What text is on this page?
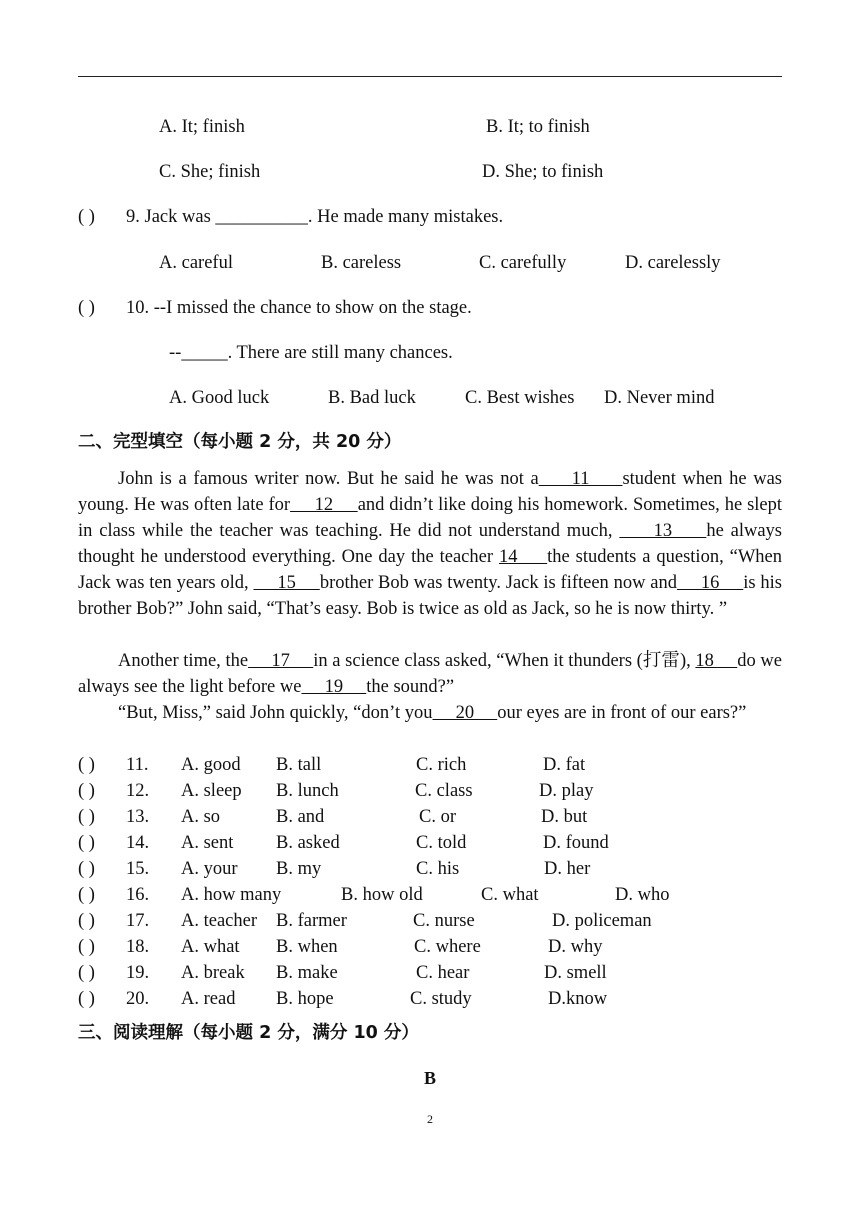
A. It; finish	B. It; to finish
C. She; finish	D. She; to finish
( ) 9. Jack was __________. He made many mistakes.
A. careful	B. careless	C. carefully	D. carelessly
( ) 10. --I missed the chance to show on the stage.
--_____. There are still many chances.
A. Good luck	B. Bad luck	C. Best wishes D. Never mind
二、完型填空（每小题 2 分，共 20 分）
John is a famous writer now. But he said he was not a     11     student when he was young. He was often late for     12     and didn’t like doing his homework. Sometimes, he slept in class while the teacher was teaching. He did not understand much,      13     he always thought he understood everything. One day the teacher 14     the students a question, “When Jack was ten years old,      15     brother Bob was twenty. Jack is fifteen now and     16     is his brother Bob?” John said, “That’s easy. Bob is twice as old as Jack, so he is now thirty. ”
Another time, the     17     in a science class asked, “When it thunders (打雷), 18     do we always see the light before we     19     the sound?”
“But, Miss,” said John quickly, “don’t you     20     our eyes are in front of our ears?”
( ) 11. A. good B. tall	C. rich	D. fat
( ) 12. A. sleep B. lunch	C. class	D. play
( ) 13. A. so	B. and	C. or	D. but
( ) 14. A. sent B. asked	C. told	D. found
( ) 15. A. your B. my	C. his	D. her
( ) 16. A. how many	B. how old	C. what	D. who
( ) 17. A. teacher B. farmer	C. nurse	D. policeman
( ) 18. A. what B. when	C. where	D. why
( ) 19. A. break B. make	C. hear	D. smell
( ) 20. A. read B. hope	C. study	D.know
三、阅读理解（每小题 2 分，满分 10 分）
B
2
